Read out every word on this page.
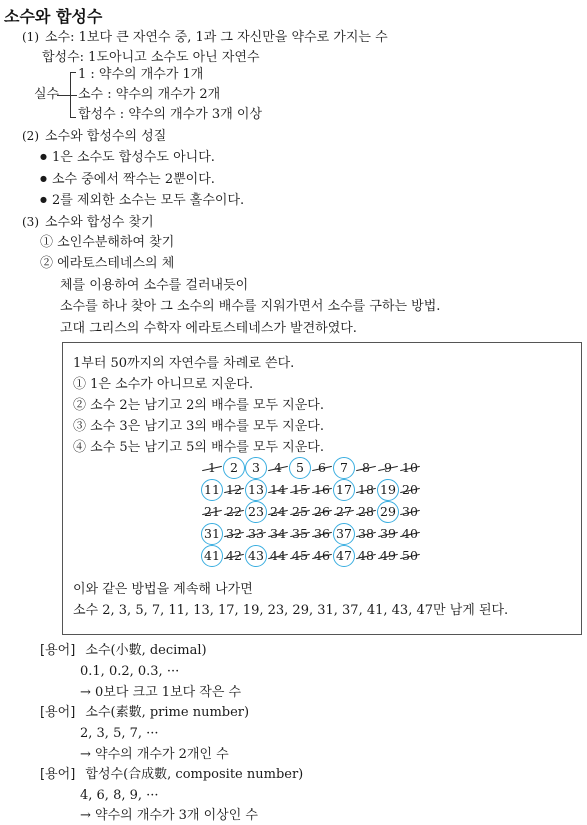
소수와 합성수
(1) 소수: 1보다 큰 자연수 중, 1과 그 자신만을 약수로 가지는 수
합성수: 1도아니고 소수도 아닌 자연수
실수
1 : 약수의 개수가 1개
소수 : 약수의 개수가 2개
합성수 : 약수의 개수가 3개 이상
(2) 소수와 합성수의 성질
● 1은 소수도 합성수도 아니다.
● 소수 중에서 짝수는 2뿐이다.
● 2를 제외한 소수는 모두 홀수이다.
(3) 소수와 합성수 찾기
① 소인수분해하여 찾기
② 에라토스테네스의 체
체를 이용하여 소수를 걸러내듯이
소수를 하나 찾아 그 소수의 배수를 지워가면서 소수를 구하는 방법.
고대 그리스의 수학자 에라토스테네스가 발견하였다.
1부터 50까지의 자연수를 차례로 쓴다.
① 1은 소수가 아니므로 지운다.
② 소수 2는 남기고 2의 배수를 모두 지운다.
③ 소수 3은 남기고 3의 배수를 모두 지운다.
④ 소수 5는 남기고 5의 배수를 모두 지운다.
1	2	3	4	5	6	7	8	9 10
11 12 13 14 15 16 17 18 19 20
21 22 23 24 25 26 27 28 29 30
31 32 33 34 35 36 37 38 39 40
41 42 43 44 45 46 47 48 49 50
이와 같은 방법을 계속해 나가면
소수 2, 3, 5, 7, 11, 13, 17, 19, 23, 29, 31, 37, 41, 43, 47만 남게 된다.
[용어] 소수(小數, decimal)
0.1, 0.2, 0.3, ···
→ 0보다 크고 1보다 작은 수
[용어] 소수(素數, prime number)
2, 3, 5, 7, ···
→ 약수의 개수가 2개인 수
[용어] 합성수(合成數, composite number)
4, 6, 8, 9, ···
→ 약수의 개수가 3개 이상인 수
